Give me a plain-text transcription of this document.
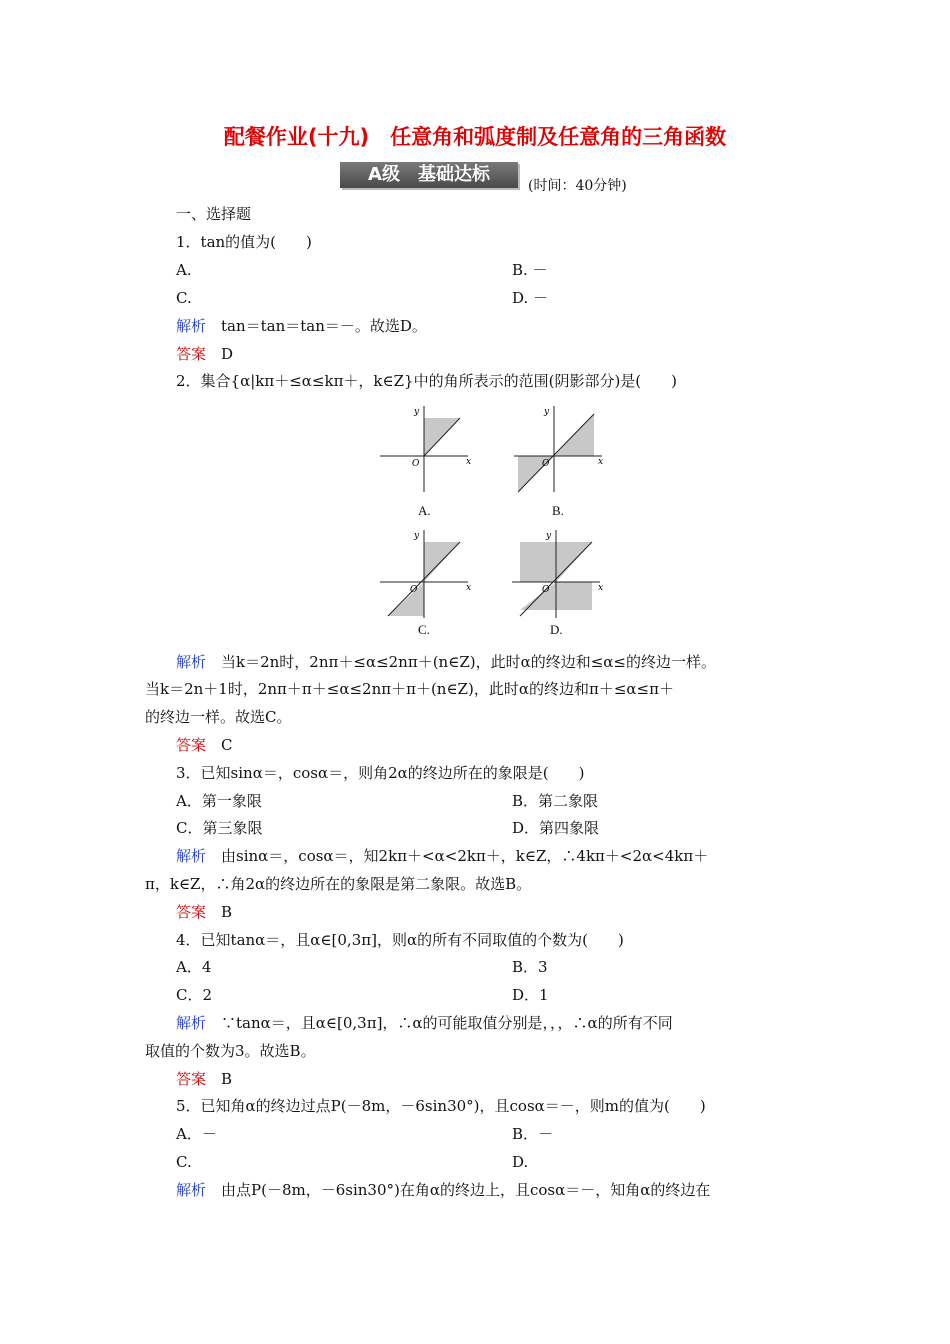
配餐作业(十九)　任意角和弧度制及任意角的三角函数
A级　基础达标
(时间：40分钟)
一、选择题
1．tan的值为(　　)
A.	B. －
C.	D. －
解析　tan＝tan＝tan＝－。故选D。
答案　D
2．集合{α|kπ＋≤α≤kπ＋，k∈Z}中的角所表示的范围(阴影部分)是(　　)
y
x
O
A.
y
x
O
B.
y
x
O
C.
y
x
O
D.
解析　当k＝2n时，2nπ＋≤α≤2nπ＋(n∈Z)，此时α的终边和≤α≤的终边一样。
当k＝2n＋1时，2nπ＋π＋≤α≤2nπ＋π＋(n∈Z)，此时α的终边和π＋≤α≤π＋
的终边一样。故选C。
答案　C
3．已知sinα＝，cosα＝，则角2α的终边所在的象限是(　　)
A．第一象限	B．第二象限
C．第三象限	D．第四象限
解析　由sinα＝，cosα＝，知2kπ＋<α<2kπ＋，k∈Z，∴4kπ＋<2α<4kπ＋
π，k∈Z，∴角2α的终边所在的象限是第二象限。故选B。
答案　B
4．已知tanα＝，且α∈[0,3π]，则α的所有不同取值的个数为(　　)
A．4	B．3
C．2	D．1
解析　∵tanα＝，且α∈[0,3π]，∴α的可能取值分别是，，，∴α的所有不同
取值的个数为3。故选B。
答案　B
5．已知角α的终边过点P(－8m，－6sin30°)，且cosα＝－，则m的值为(　　)
A．－	B．－
C.	D.
解析　由点P(－8m，－6sin30°)在角α的终边上，且cosα＝－，知角α的终边在
